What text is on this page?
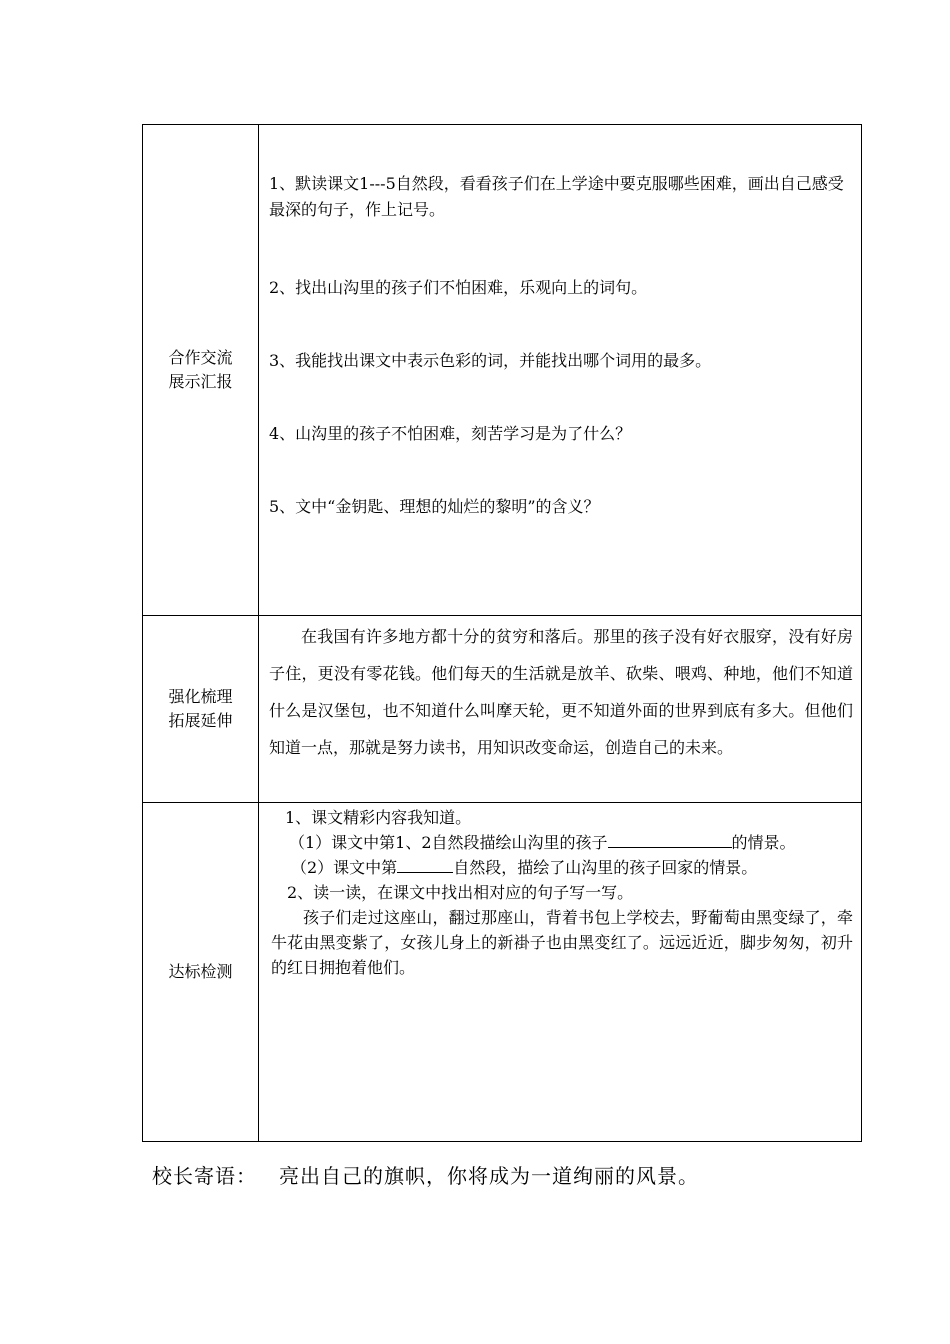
合作交流
展示汇报	1、默读课文1---5自然段，看看孩子们在上学途中要克服哪些困难，画出自己感受最深的句子，作上记号。
2、找出山沟里的孩子们不怕困难，乐观向上的词句。
3、我能找出课文中表示色彩的词，并能找出哪个词用的最多。
4、山沟里的孩子不怕困难，刻苦学习是为了什么？
5、文中“金钥匙、理想的灿烂的黎明”的含义？

强化梳理
拓展延伸	在我国有许多地方都十分的贫穷和落后。那里的孩子没有好衣服穿，没有好房子住，更没有零花钱。他们每天的生活就是放羊、砍柴、喂鸡、种地，他们不知道什么是汉堡包，也不知道什么叫摩天轮，更不知道外面的世界到底有多大。但他们知道一点，那就是努力读书，用知识改变命运，创造自己的未来。

达标检测	1、课文精彩内容我知道。
（1）课文中第1、2自然段描绘山沟里的孩子 的情景。
（2）课文中第 自然段，描绘了山沟里的孩子回家的情景。
2、读一读，在课文中找出相对应的句子写一写。
孩子们走过这座山，翻过那座山，背着书包上学校去，野葡萄由黑变绿了，牵牛花由黑变紫了，女孩儿身上的新褂子也由黑变红了。远远近近，脚步匆匆，初升的红日拥抱着他们。
校长寄语： 亮出自己的旗帜，你将成为一道绚丽的风景。
